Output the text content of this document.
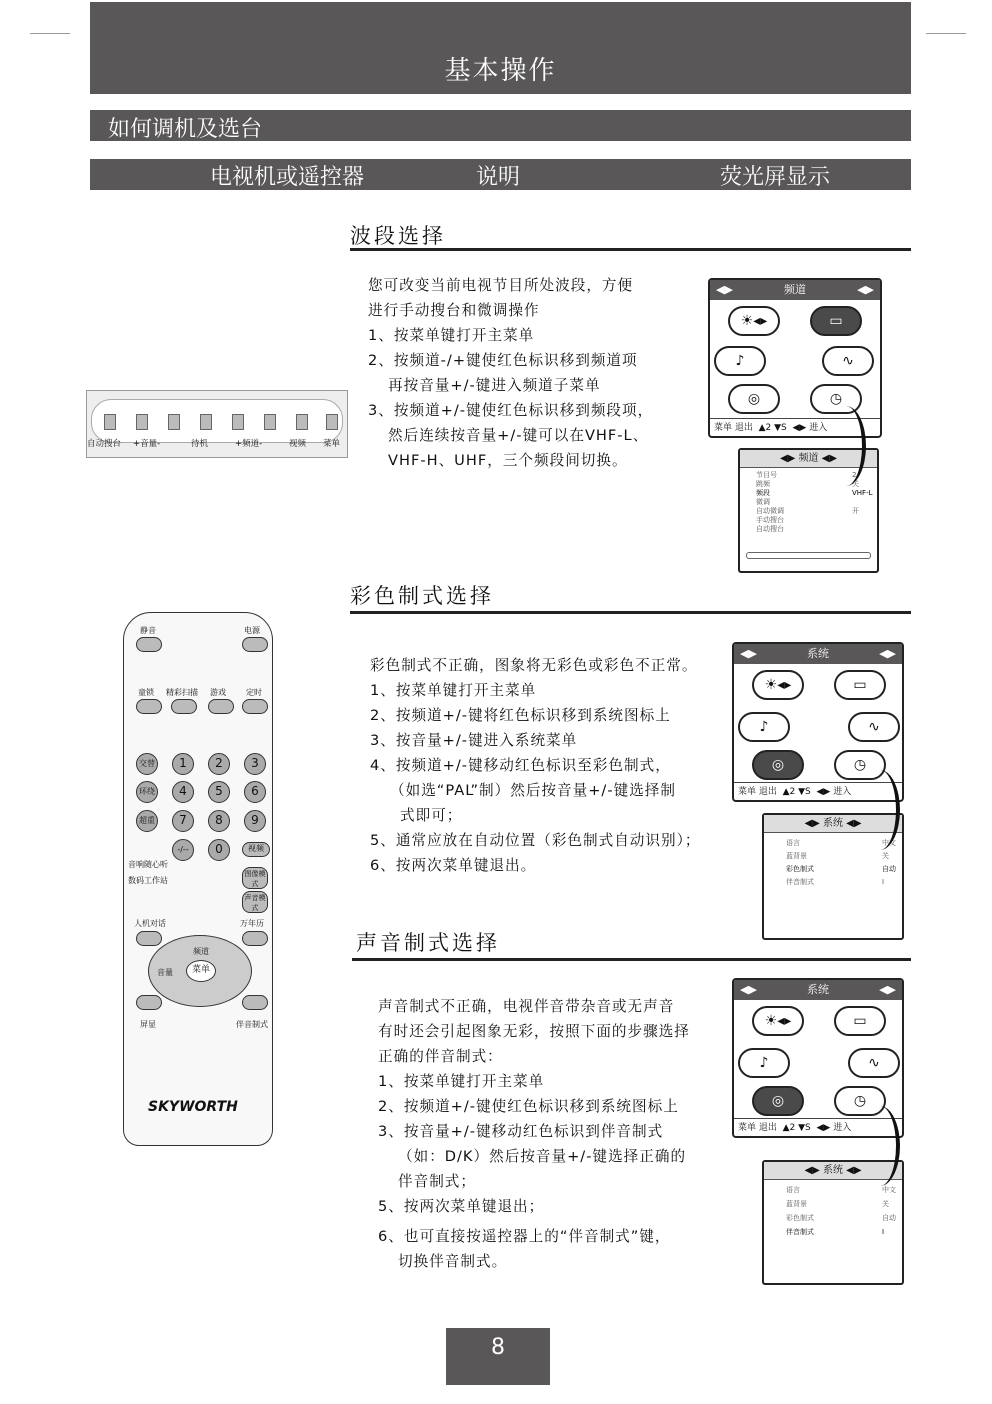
基本操作
如何调机及选台
电视机或遥控器	说明	荧光屏显示
波段选择
您可改变当前电视节目所处波段，方便
进行手动搜台和微调操作
1、按菜单键打开主菜单
2、按频道-/+键使红色标识移到频道项
再按音量+/-键进入频道子菜单
3、按频道+/-键使红色标识移到频段项，
然后连续按音量+/-键可以在VHF-L、
VHF-H、UHF，三个频段间切换。
自动搜台 +音量-	待机	+频道-	视频 菜单
◀▶	频道	◀▶
☀◂▸	▭
♪	∿
◎	◷
菜单 退出  ▲2 ▼S  ◀▶ 进入
◀▶ 频道 ◀▶
节目号	2
跳频	关
频段	VHF-L
微调
自动微调	开
手动搜台
自动搜台
彩色制式选择
彩色制式不正确，图象将无彩色或彩色不正常。
1、按菜单键打开主菜单
2、按频道+/-键将红色标识移到系统图标上
3、按音量+/-键进入系统菜单
4、按频道+/-键移动红色标识至彩色制式，
（如选“PAL”制）然后按音量+/-键选择制
式即可；
5、通常应放在自动位置（彩色制式自动识别）；
6、按两次菜单键退出。
◀▶	系统	◀▶
☀◂▸	▭
♪	∿
◎	◷
菜单 退出  ▲2 ▼S  ◀▶ 进入
◀▶ 系统 ◀▶
语言	中文
蓝背景	关
彩色制式	自动
伴音制式	I
声音制式选择
声音制式不正确，电视伴音带杂音或无声音
有时还会引起图象无彩，按照下面的步骤选择
正确的伴音制式：
1、按菜单键打开主菜单
2、按频道+/-键使红色标识移到系统图标上
3、按音量+/-键移动红色标识到伴音制式
（如：D/K）然后按音量+/-键选择正确的
伴音制式；
5、按两次菜单键退出；
6、也可直接按遥控器上的“伴音制式”键，
切换伴音制式。
◀▶	系统	◀▶
☀◂▸	▭
♪	∿
◎	◷
菜单 退出  ▲2 ▼S  ◀▶ 进入
◀▶ 系统 ◀▶
语言	中文
蓝背景	关
彩色制式	自动
伴音制式	I
静音	电源
童锁 精彩扫描 游戏	定时
交替	1	2	3
环绕	4	5	6
超重	7	8	9
-/--	0	视频
音响随心听
数码工作站
图像模式
声音模式
人机对话	万年历
频道
音量	菜单
屏显	伴音制式
SKYWORTH
8
